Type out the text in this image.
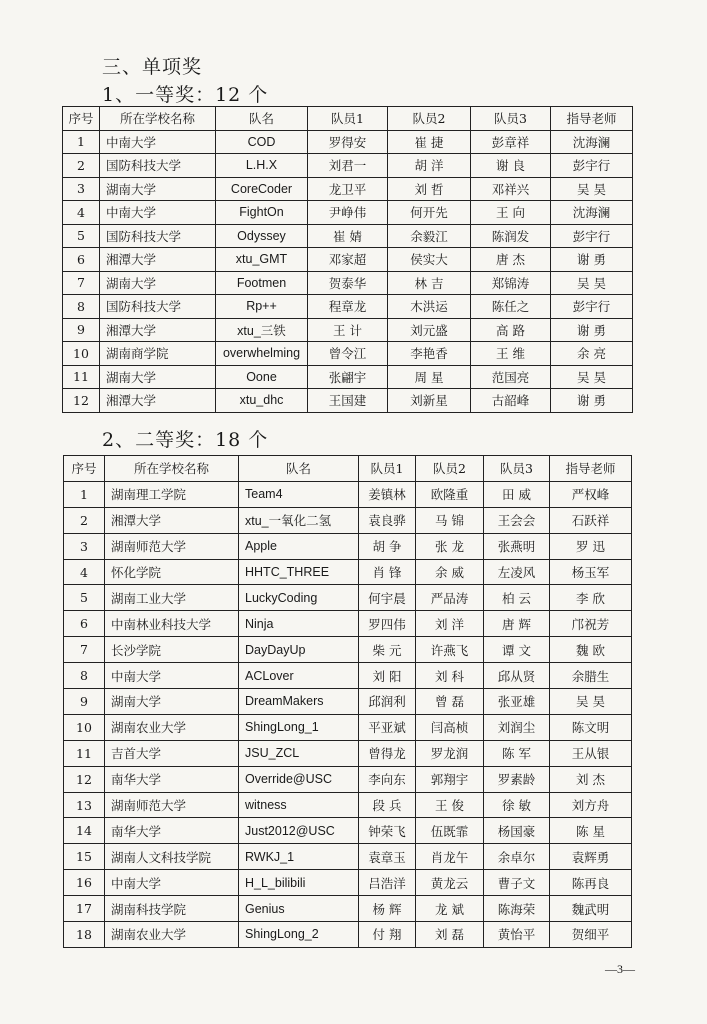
三、单项奖
1、一等奖：12 个
序号	所在学校名称	队名	队员1	队员2	队员3	指导老师
1	中南大学	COD	罗得安	崔 捷	彭章祥	沈海澜
2	国防科技大学	L.H.X	刘君一	胡 洋	谢 良	彭宇行
3	湖南大学	CoreCoder	龙卫平	刘 哲	邓祥兴	吴 昊
4	中南大学	FightOn	尹峥伟	何开先	王 向	沈海澜
5	国防科技大学	Odyssey	崔 婧	余毅江	陈润发	彭宇行
6	湘潭大学	xtu_GMT	邓家超	侯实大	唐 杰	谢 勇
7	湖南大学	Footmen	贺泰华	林 吉	郑锦涛	吴 昊
8	国防科技大学	Rp++	程章龙	木洪运	陈任之	彭宇行
9	湘潭大学	xtu_三铁	王 计	刘元盛	高 路	谢 勇
10	湖南商学院	overwhelming	曾令江	李艳香	王 维	余 亮
11	湖南大学	Oone	张翩宇	周 星	范国亮	吴 昊
12	湘潭大学	xtu_dhc	王国建	刘新星	古韶峰	谢 勇
2、二等奖：18 个
序号	所在学校名称	队名	队员1	队员2	队员3	指导老师
1	湖南理工学院	Team4	姜镇林	欧隆重	田 威	严权峰
2	湘潭大学	xtu_一氧化二氢	袁良骅	马 锦	王会会	石跃祥
3	湖南师范大学	Apple	胡 争	张 龙	张燕明	罗 迅
4	怀化学院	HHTC_THREE	肖 锋	余 威	左凌风	杨玉军
5	湖南工业大学	LuckyCoding	何宇晨	严品涛	柏 云	李 欣
6	中南林业科技大学	Ninja	罗四伟	刘 洋	唐 辉	邝祝芳
7	长沙学院	DayDayUp	柴 元	许燕飞	谭 文	魏 欧
8	中南大学	ACLover	刘 阳	刘 科	邱从贤	余腊生
9	湖南大学	DreamMakers	邱润利	曾 磊	张亚雄	吴 昊
10	湖南农业大学	ShingLong_1	平亚斌	闫高桢	刘润尘	陈文明
11	吉首大学	JSU_ZCL	曾得龙	罗龙润	陈 军	王从银
12	南华大学	Override@USC	李向东	郭翔宇	罗素龄	刘 杰
13	湖南师范大学	witness	段 兵	王 俊	徐 敏	刘方舟
14	南华大学	Just2012@USC	钟荣飞	伍既霏	杨国豪	陈 星
15	湖南人文科技学院	RWKJ_1	袁章玉	肖龙午	余卓尔	袁辉勇
16	中南大学	H_L_bilibili	吕浩洋	黄龙云	曹子文	陈再良
17	湖南科技学院	Genius	杨 辉	龙 斌	陈海荣	魏武明
18	湖南农业大学	ShingLong_2	付 翔	刘 磊	黄怡平	贺细平
—3—
